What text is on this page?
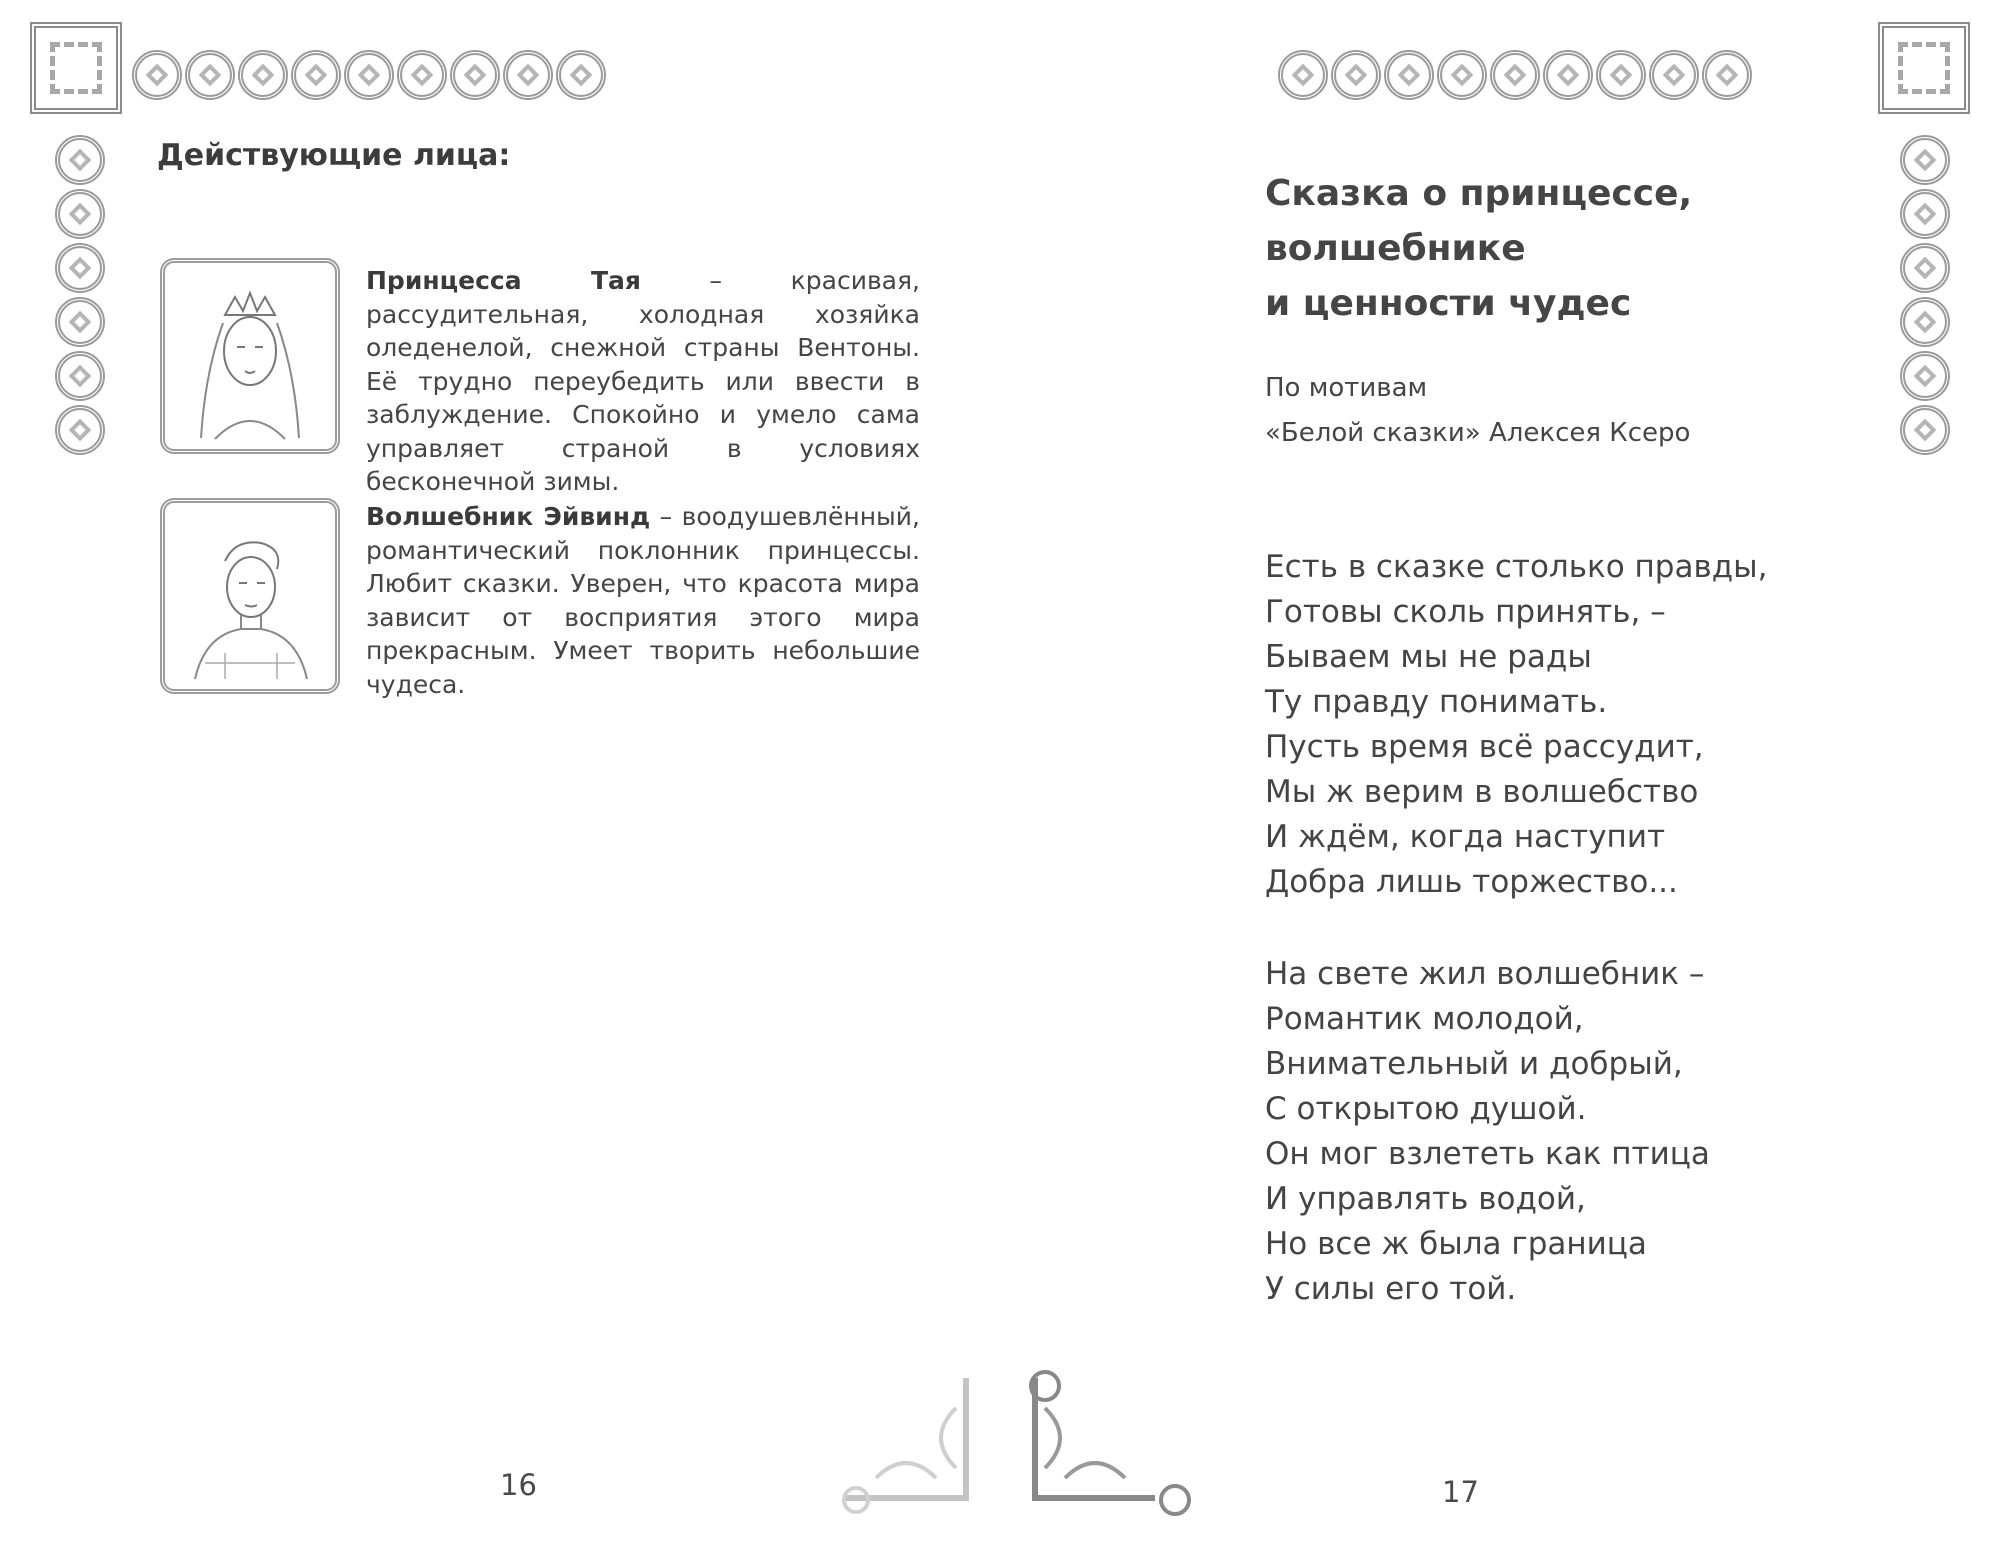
Действующие лица:

Принцесса Тая – красивая, рассудительная, холодная хозяйка оледенелой, снежной страны Вентоны. Её трудно переубедить или ввести в заблуждение. Спокойно и умело сама управляет страной в условиях бесконечной зимы.

Волшебник Эйвинд – воодушевлённый, романтический поклонник принцессы. Любит сказки. Уверен, что красота мира зависит от восприятия этого мира прекрасным. Умеет творить небольшие чудеса.

16
Сказка о принцессе,
волшебнике
и ценности чудес
По мотивам
«Белой сказки» Алексея Ксеро
Есть в сказке столько правды,
Готовы сколь принять, –
Бываем мы не рады
Ту правду понимать.
Пусть время всё рассудит,
Мы ж верим в волшебство
И ждём, когда наступит
Добра лишь торжество...
На свете жил волшебник –
Романтик молодой,
Внимательный и добрый,
С открытою душой.
Он мог взлететь как птица
И управлять водой,
Но все ж была граница
У силы его той.
17
